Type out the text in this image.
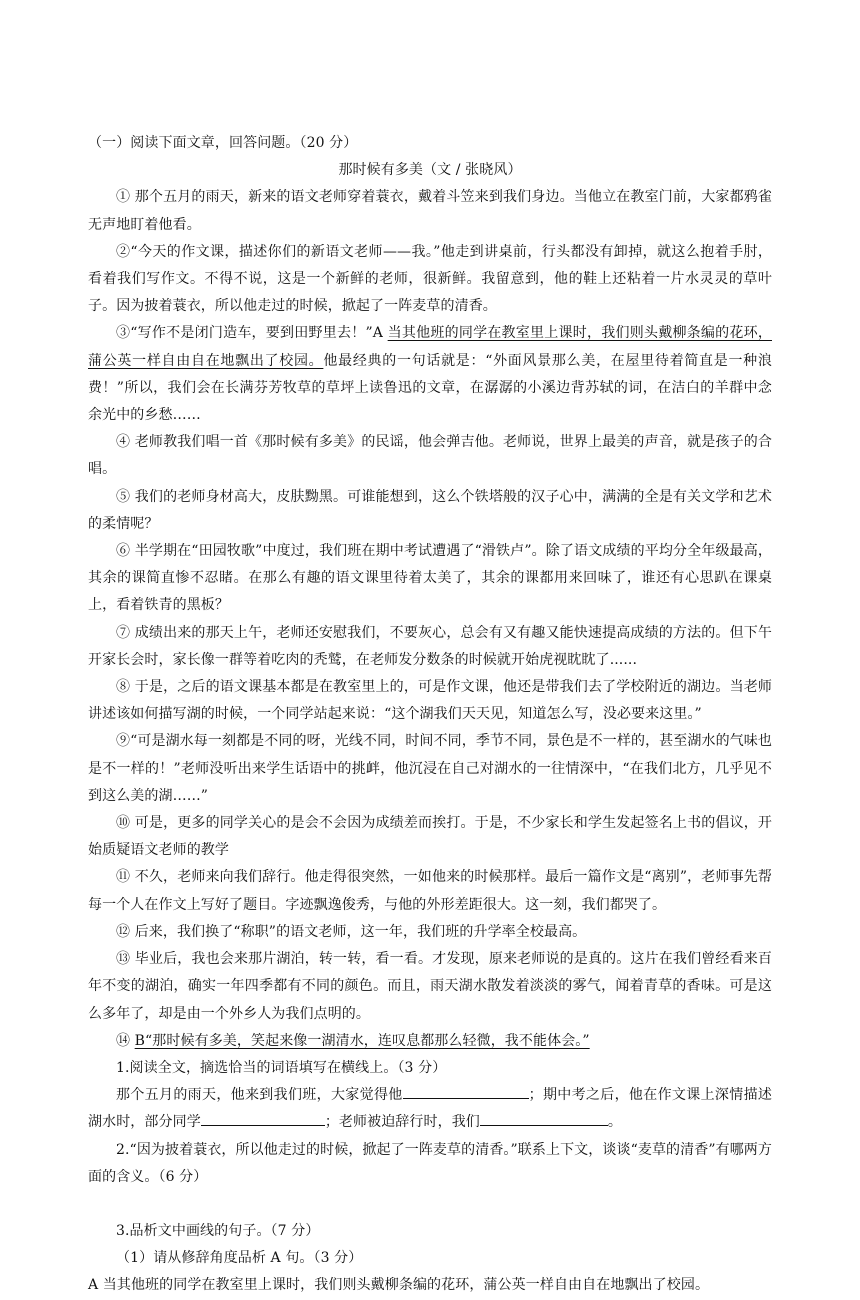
（一）阅读下面文章，回答问题。（20 分）

那时候有多美（文 / 张晓风）

① 那个五月的雨天，新来的语文老师穿着蓑衣，戴着斗笠来到我们身边。当他立在教室门前，大家都鸦雀无声地盯着他看。

②“今天的作文课，描述你们的新语文老师——我。”他走到讲桌前，行头都没有卸掉，就这么抱着手肘，看着我们写作文。不得不说，这是一个新鲜的老师，很新鲜。我留意到，他的鞋上还粘着一片水灵灵的草叶子。因为披着蓑衣，所以他走过的时候，掀起了一阵麦草的清香。

③“写作不是闭门造车，要到田野里去！”A 当其他班的同学在教室里上课时，我们则头戴柳条编的花环，蒲公英一样自由自在地飘出了校园。他最经典的一句话就是：“外面风景那么美，在屋里待着简直是一种浪费！”所以，我们会在长满芬芳牧草的草坪上读鲁迅的文章，在潺潺的小溪边背苏轼的词，在洁白的羊群中念余光中的乡愁……

④ 老师教我们唱一首《那时候有多美》的民谣，他会弹吉他。老师说，世界上最美的声音，就是孩子的合唱。

⑤ 我们的老师身材高大，皮肤黝黑。可谁能想到，这么个铁塔般的汉子心中，满满的全是有关文学和艺术的柔情呢？

⑥ 半学期在“田园牧歌”中度过，我们班在期中考试遭遇了“滑铁卢”。除了语文成绩的平均分全年级最高，其余的课简直惨不忍睹。在那么有趣的语文课里待着太美了，其余的课都用来回味了，谁还有心思趴在课桌上，看着铁青的黑板？

⑦ 成绩出来的那天上午，老师还安慰我们，不要灰心，总会有又有趣又能快速提高成绩的方法的。但下午开家长会时，家长像一群等着吃肉的秃鹫，在老师发分数条的时候就开始虎视眈眈了......

⑧ 于是，之后的语文课基本都是在教室里上的，可是作文课，他还是带我们去了学校附近的湖边。当老师讲述该如何描写湖的时候，一个同学站起来说：“这个湖我们天天见，知道怎么写，没必要来这里。”

⑨“可是湖水每一刻都是不同的呀，光线不同，时间不同，季节不同，景色是不一样的，甚至湖水的气味也是不一样的！”老师没听出来学生话语中的挑衅，他沉浸在自己对湖水的一往情深中，“在我们北方，几乎见不到这么美的湖……”

⑩ 可是，更多的同学关心的是会不会因为成绩差而挨打。于是，不少家长和学生发起签名上书的倡议，开始质疑语文老师的教学

⑪ 不久，老师来向我们辞行。他走得很突然，一如他来的时候那样。最后一篇作文是“离别”，老师事先帮每一个人在作文上写好了题目。字迹飘逸俊秀，与他的外形差距很大。这一刻，我们都哭了。

⑫ 后来，我们换了“称职”的语文老师，这一年，我们班的升学率全校最高。

⑬ 毕业后，我也会来那片湖泊，转一转，看一看。才发现，原来老师说的是真的。这片在我们曾经看来百年不变的湖泊，确实一年四季都有不同的颜色。而且，雨天湖水散发着淡淡的雾气，闻着青草的香味。可是这么多年了，却是由一个外乡人为我们点明的。

⑭ B“那时候有多美，笑起来像一湖清水，连叹息都那么轻微，我不能体会。”

1.阅读全文，摘选恰当的词语填写在横线上。（3 分）

那个五月的雨天，他来到我们班，大家觉得他	；期中考之后，他在作文课上深情描述湖水时，部分同学	；老师被迫辞行时，我们	。

2.“因为披着蓑衣，所以他走过的时候，掀起了一阵麦草的清香。”联系上下文，谈谈“麦草的清香”有哪两方面的含义。（6 分）

3.品析文中画线的句子。（7 分）

（1）请从修辞角度品析 A 句。（3 分）

A 当其他班的同学在教室里上课时，我们则头戴柳条编的花环，蒲公英一样自由自在地飘出了校园。
